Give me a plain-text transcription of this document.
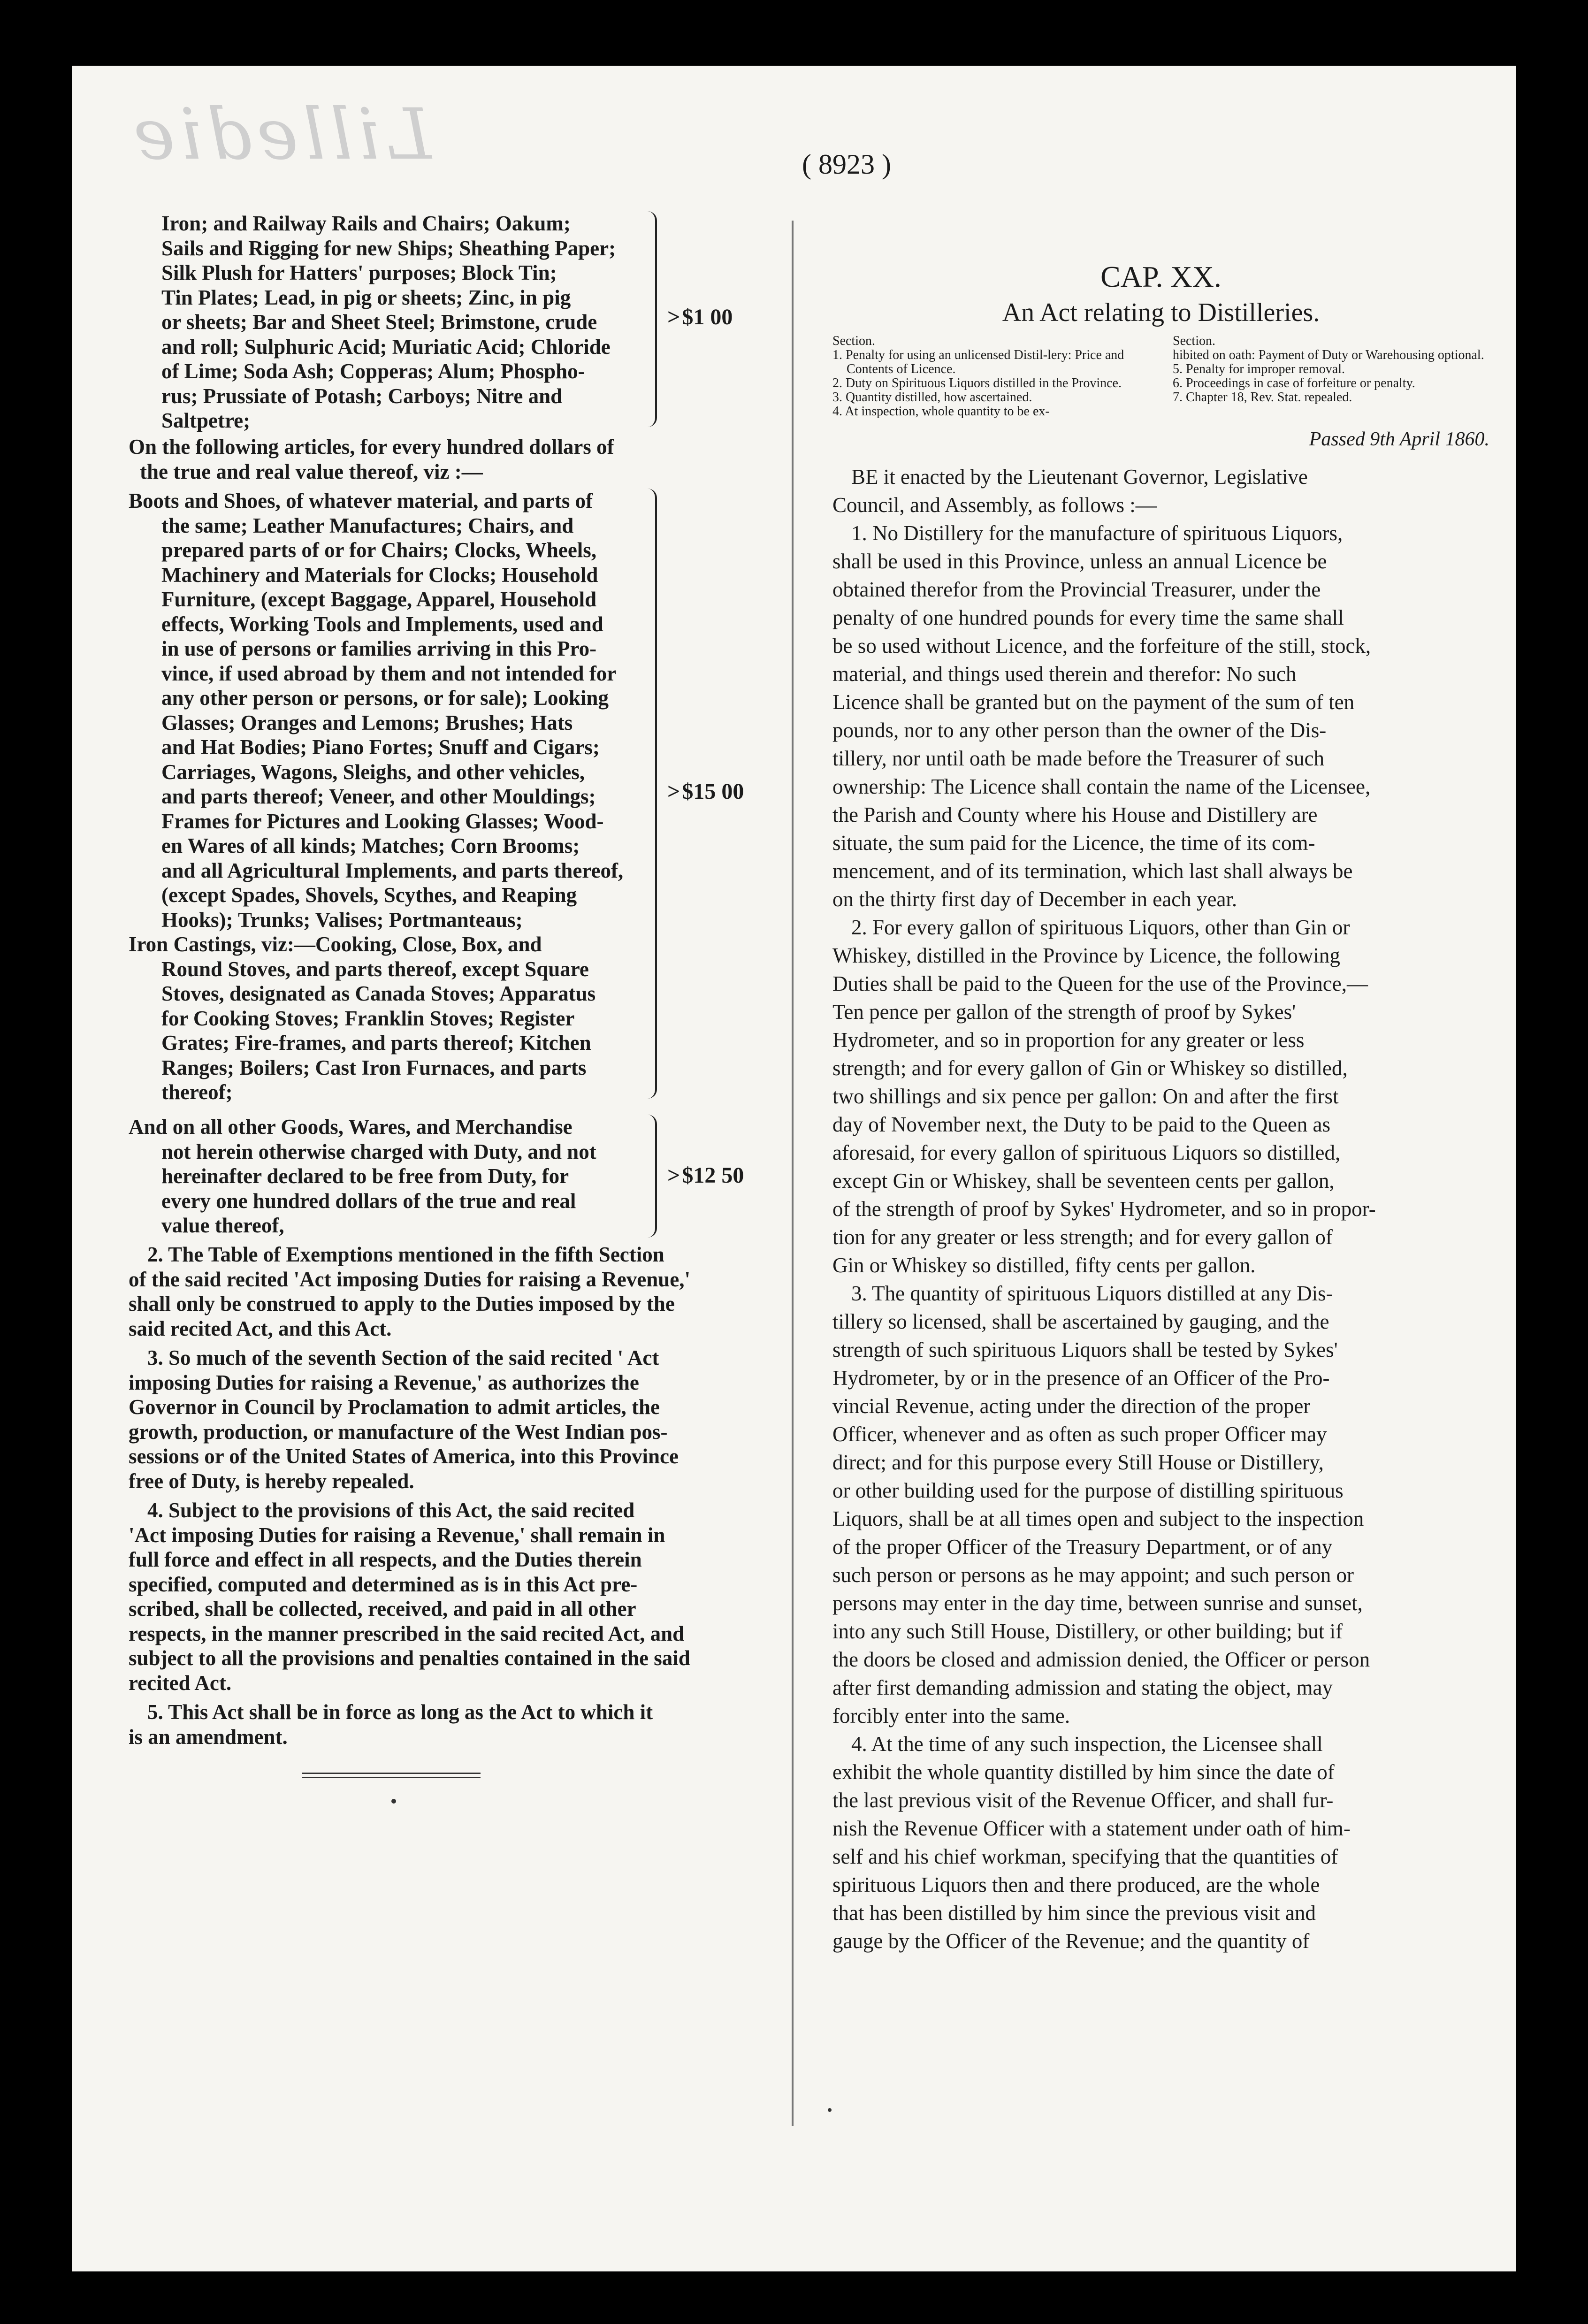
Lilledie	( 8923 )
Iron; and Railway Rails and Chairs; Oakum;
Sails and Rigging for new Ships; Sheathing Paper;
Silk Plush for Hatters' purposes; Block Tin;
Tin Plates; Lead, in pig or sheets; Zinc, in pig
or sheets; Bar and Sheet Steel; Brimstone, crude
and roll; Sulphuric Acid; Muriatic Acid; Chloride
of Lime; Soda Ash; Copperas; Alum; Phospho-
rus; Prussiate of Potash; Carboys; Nitre and
Saltpetre;
> $1 00
On the following articles, for every hundred dollars of
the true and real value thereof, viz :—
Boots and Shoes, of whatever material, and parts of
the same; Leather Manufactures; Chairs, and
prepared parts of or for Chairs; Clocks, Wheels,
Machinery and Materials for Clocks; Household
Furniture, (except Baggage, Apparel, Household
effects, Working Tools and Implements, used and
in use of persons or families arriving in this Pro-
vince, if used abroad by them and not intended for
any other person or persons, or for sale); Looking
Glasses; Oranges and Lemons; Brushes; Hats
and Hat Bodies; Piano Fortes; Snuff and Cigars;
Carriages, Wagons, Sleighs, and other vehicles,
and parts thereof; Veneer, and other Mouldings;
Frames for Pictures and Looking Glasses; Wood-
en Wares of all kinds; Matches; Corn Brooms;
and all Agricultural Implements, and parts thereof,
(except Spades, Shovels, Scythes, and Reaping
Hooks); Trunks; Valises; Portmanteaus;
Iron Castings, viz:—Cooking, Close, Box, and
Round Stoves, and parts thereof, except Square
Stoves, designated as Canada Stoves; Apparatus
for Cooking Stoves; Franklin Stoves; Register
Grates; Fire-frames, and parts thereof; Kitchen
Ranges; Boilers; Cast Iron Furnaces, and parts
thereof;
> $15 00
And on all other Goods, Wares, and Merchandise
not herein otherwise charged with Duty, and not
hereinafter declared to be free from Duty, for
every one hundred dollars of the true and real
value thereof,
> $12 50
2. The Table of Exemptions mentioned in the fifth Section
of the said recited 'Act imposing Duties for raising a Revenue,'
shall only be construed to apply to the Duties imposed by the
said recited Act, and this Act.
3. So much of the seventh Section of the said recited ' Act
imposing Duties for raising a Revenue,' as authorizes the
Governor in Council by Proclamation to admit articles, the
growth, production, or manufacture of the West Indian pos-
sessions or of the United States of America, into this Province
free of Duty, is hereby repealed.
4. Subject to the provisions of this Act, the said recited
'Act imposing Duties for raising a Revenue,' shall remain in
full force and effect in all respects, and the Duties therein
specified, computed and determined as is in this Act pre-
scribed, shall be collected, received, and paid in all other
respects, in the manner prescribed in the said recited Act, and
subject to all the provisions and penalties contained in the said
recited Act.
5. This Act shall be in force as long as the Act to which it
is an amendment.
CAP. XX.
An Act relating to Distilleries.
Section.
1. Penalty for using an unlicensed Distil-lery: Price and Contents of Licence.
2. Duty on Spirituous Liquors distilled in the Province.
3. Quantity distilled, how ascertained.
4. At inspection, whole quantity to be ex-
Section.
hibited on oath: Payment of Duty or Warehousing optional.
5. Penalty for improper removal.
6. Proceedings in case of forfeiture or penalty.
7. Chapter 18, Rev. Stat. repealed.
Passed 9th April 1860.
BE it enacted by the Lieutenant Governor, Legislative
Council, and Assembly, as follows :—
1. No Distillery for the manufacture of spirituous Liquors,
shall be used in this Province, unless an annual Licence be
obtained therefor from the Provincial Treasurer, under the
penalty of one hundred pounds for every time the same shall
be so used without Licence, and the forfeiture of the still, stock,
material, and things used therein and therefor: No such
Licence shall be granted but on the payment of the sum of ten
pounds, nor to any other person than the owner of the Dis-
tillery, nor until oath be made before the Treasurer of such
ownership: The Licence shall contain the name of the Licensee,
the Parish and County where his House and Distillery are
situate, the sum paid for the Licence, the time of its com-
mencement, and of its termination, which last shall always be
on the thirty first day of December in each year.
2. For every gallon of spirituous Liquors, other than Gin or
Whiskey, distilled in the Province by Licence, the following
Duties shall be paid to the Queen for the use of the Province,—
Ten pence per gallon of the strength of proof by Sykes'
Hydrometer, and so in proportion for any greater or less
strength; and for every gallon of Gin or Whiskey so distilled,
two shillings and six pence per gallon: On and after the first
day of November next, the Duty to be paid to the Queen as
aforesaid, for every gallon of spirituous Liquors so distilled,
except Gin or Whiskey, shall be seventeen cents per gallon,
of the strength of proof by Sykes' Hydrometer, and so in propor-
tion for any greater or less strength; and for every gallon of
Gin or Whiskey so distilled, fifty cents per gallon.
3. The quantity of spirituous Liquors distilled at any Dis-
tillery so licensed, shall be ascertained by gauging, and the
strength of such spirituous Liquors shall be tested by Sykes'
Hydrometer, by or in the presence of an Officer of the Pro-
vincial Revenue, acting under the direction of the proper
Officer, whenever and as often as such proper Officer may
direct; and for this purpose every Still House or Distillery,
or other building used for the purpose of distilling spirituous
Liquors, shall be at all times open and subject to the inspection
of the proper Officer of the Treasury Department, or of any
such person or persons as he may appoint; and such person or
persons may enter in the day time, between sunrise and sunset,
into any such Still House, Distillery, or other building; but if
the doors be closed and admission denied, the Officer or person
after first demanding admission and stating the object, may
forcibly enter into the same.
4. At the time of any such inspection, the Licensee shall
exhibit the whole quantity distilled by him since the date of
the last previous visit of the Revenue Officer, and shall fur-
nish the Revenue Officer with a statement under oath of him-
self and his chief workman, specifying that the quantities of
spirituous Liquors then and there produced, are the whole
that has been distilled by him since the previous visit and
gauge by the Officer of the Revenue; and the quantity of
